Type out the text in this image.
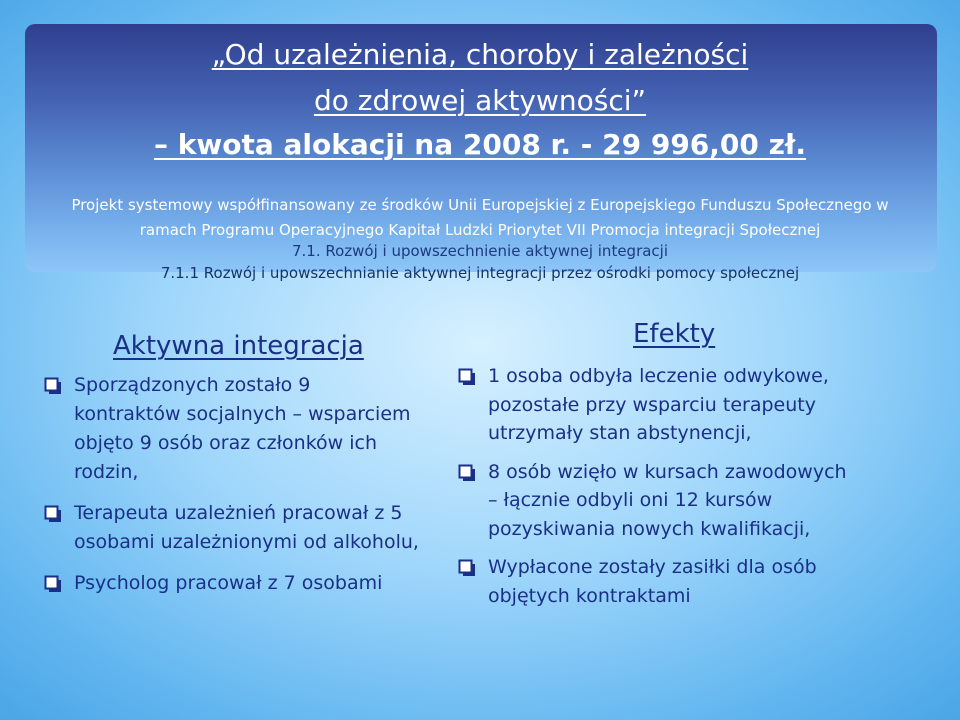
„Od uzależnienia, choroby i zależności
do zdrowej aktywności”
– kwota alokacji na 2008 r. - 29 996,00 zł.
Projekt systemowy współfinansowany ze środków Unii Europejskiej z Europejskiego Funduszu Społecznego w
ramach Programu Operacyjnego Kapitał Ludzki Priorytet VII Promocja integracji Społecznej
7.1. Rozwój i upowszechnienie aktywnej integracji
7.1.1 Rozwój i upowszechnianie aktywnej integracji przez ośrodki pomocy społecznej
Aktywna integracja	Efekty
Sporządzonych zostało 9
kontraktów socjalnych – wsparciem
objęto 9 osób oraz członków ich
rodzin,
Terapeuta uzależnień pracował z 5
osobami uzależnionymi od alkoholu,
Psycholog pracował z 7 osobami
1 osoba odbyła leczenie odwykowe,
pozostałe przy wsparciu terapeuty
utrzymały stan abstynencji,
8 osób wzięło w kursach zawodowych
– łącznie odbyli oni 12 kursów
pozyskiwania nowych kwalifikacji,
Wypłacone zostały zasiłki dla osób
objętych kontraktami
